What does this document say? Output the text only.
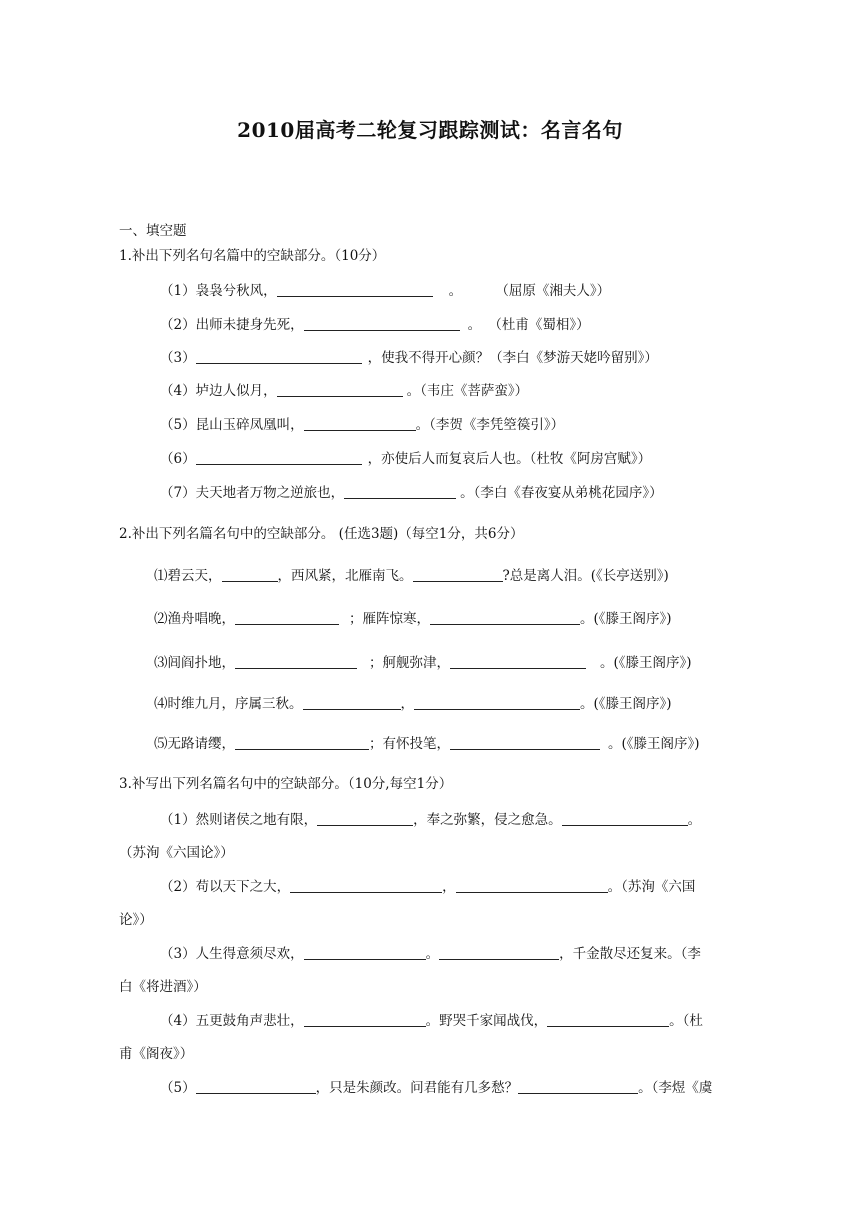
2010届高考二轮复习跟踪测试：名言名句
一、填空题
1.补出下列名句名篇中的空缺部分。（10分）
（1）袅袅兮秋风，	。	（屈原《湘夫人》）
（2）出师未捷身先死，	。 （杜甫《蜀相》）
（3）	，使我不得开心颜？（李白《梦游天姥吟留别》）
（4）垆边人似月，	。（韦庄《菩萨蛮》）
（5）昆山玉碎凤凰叫，	。（李贺《李凭箜篌引》）
（6）	，亦使后人而复哀后人也。（杜牧《阿房宫赋》）
（7）夫天地者万物之逆旅也，	。（李白《春夜宴从弟桃花园序》）
2.补出下列名篇名句中的空缺部分。 (任选3题)（每空1分，共6分）
⑴碧云天，	，西风紧，北雁南飞。	?总是离人泪。(《长亭送别》)
⑵渔舟唱晚，	；雁阵惊寒，	。(《滕王阁序》)
⑶闾阎扑地，	；舸舰弥津，	。(《滕王阁序》)
⑷时维九月，序属三秋。	，	。(《滕王阁序》)
⑸无路请缨，	；有怀投笔，	。(《滕王阁序》)
3.补写出下列名篇名句中的空缺部分。（10分,每空1分）
（1）然则诸侯之地有限，	，奉之弥繁，侵之愈急。	。
（苏洵《六国论》）
（2）苟以天下之大，	，	。（苏洵《六国
论》）
（3）人生得意须尽欢，	。	，千金散尽还复来。（李
白《将进酒》）
（4）五更鼓角声悲壮，	。野哭千家闻战伐，	。（杜
甫《阁夜》）
（5）	，只是朱颜改。问君能有几多愁？	。（李煜《虞
